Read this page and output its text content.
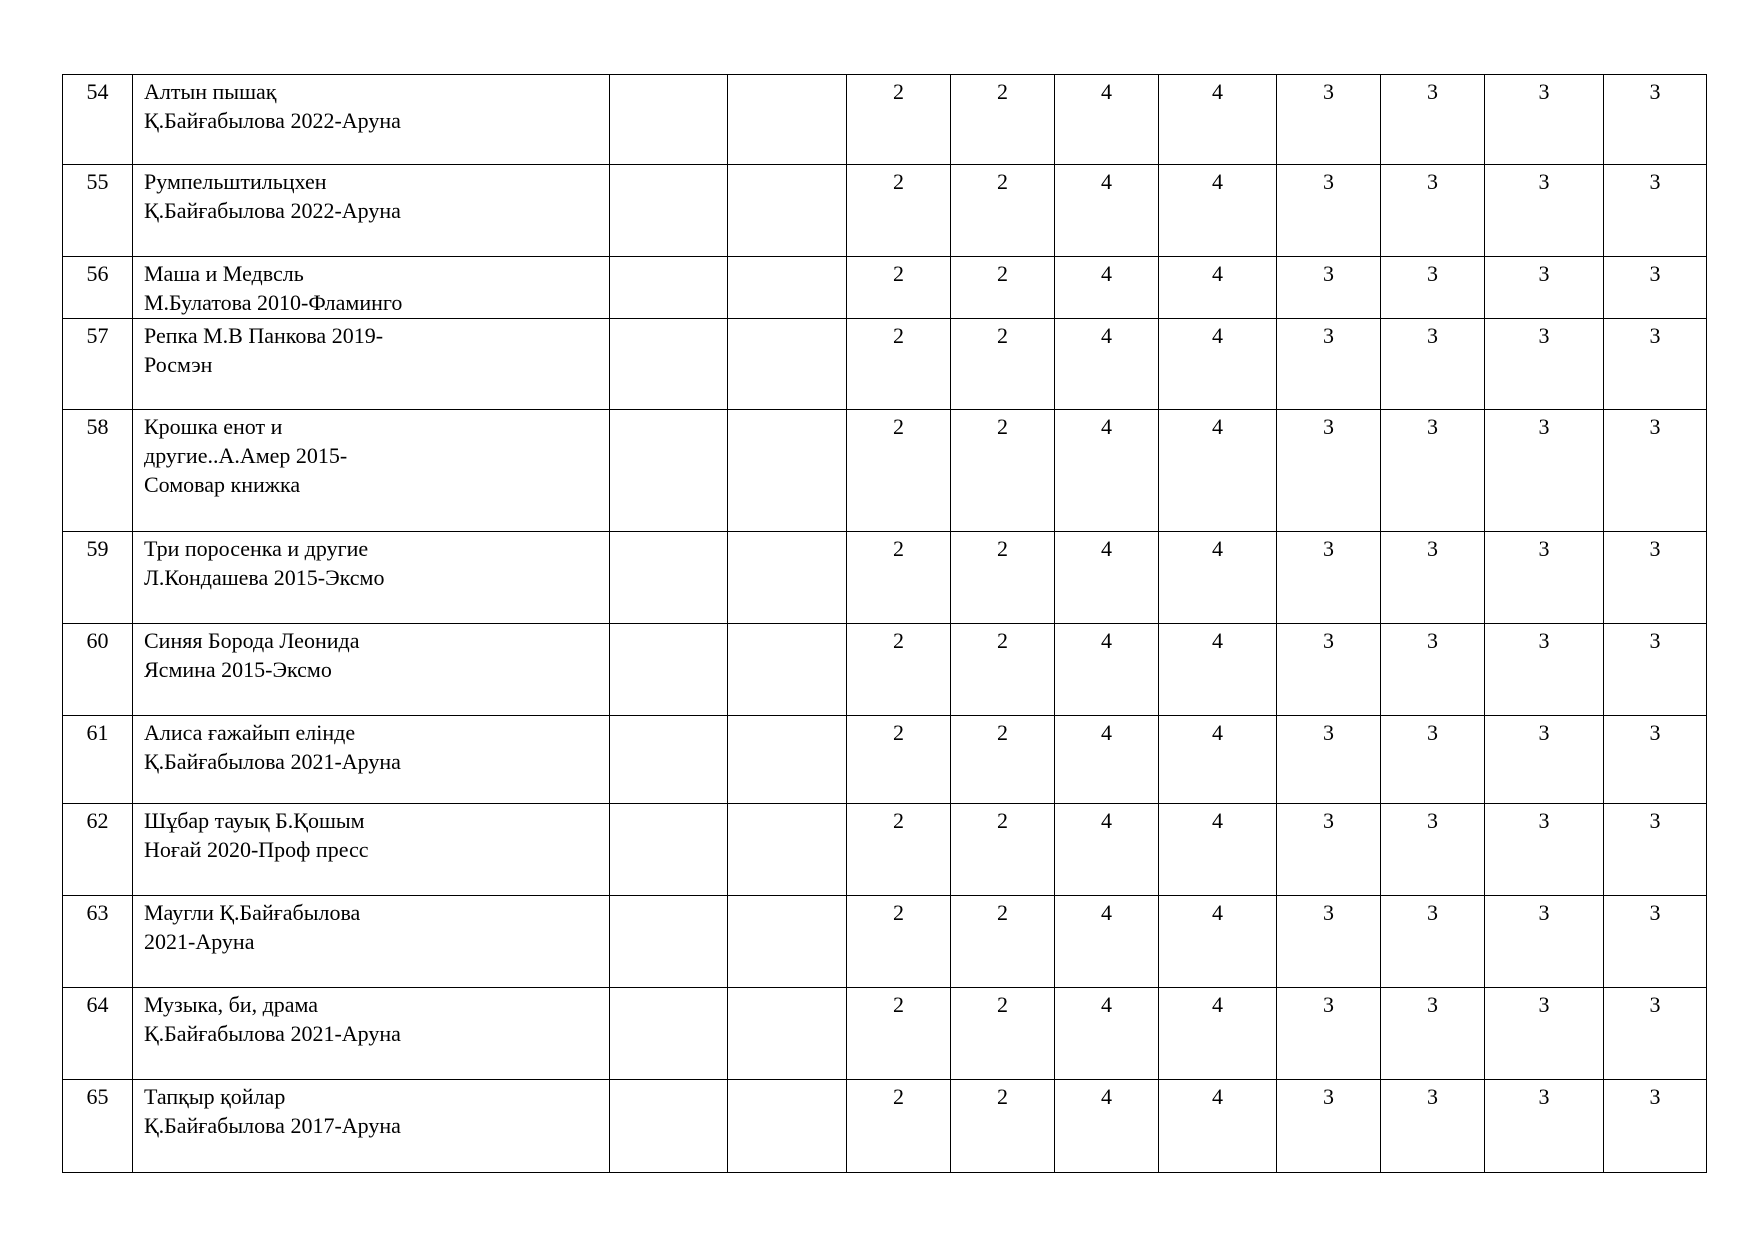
54	Алтын пышақ
Қ.Байғабылова 2022-Аруна			2	2	4	4	3	3	3	3
55	Румпельштильцхен
Қ.Байғабылова 2022-Аруна			2	2	4	4	3	3	3	3
56	Маша и Медвсль
М.Булатова 2010-Фламинго			2	2	4	4	3	3	3	3
57	Репка М.В Панкова 2019-
Росмэн			2	2	4	4	3	3	3	3
58	Крошка енот и
другие..А.Амер 2015-
Сомовар книжка			2	2	4	4	3	3	3	3
59	Три поросенка и другие
Л.Кондашева 2015-Эксмо			2	2	4	4	3	3	3	3
60	Синяя Борода Леонида
Ясмина 2015-Эксмо			2	2	4	4	3	3	3	3
61	Алиса ғажайып елінде
Қ.Байғабылова 2021-Аруна			2	2	4	4	3	3	3	3
62	Шұбар тауық Б.Қошым
Ноғай 2020-Проф пресс			2	2	4	4	3	3	3	3
63	Маугли Қ.Байғабылова
2021-Аруна			2	2	4	4	3	3	3	3
64	Музыка, би, драма
Қ.Байғабылова 2021-Аруна			2	2	4	4	3	3	3	3
65	Тапқыр қойлар
Қ.Байғабылова 2017-Аруна			2	2	4	4	3	3	3	3
